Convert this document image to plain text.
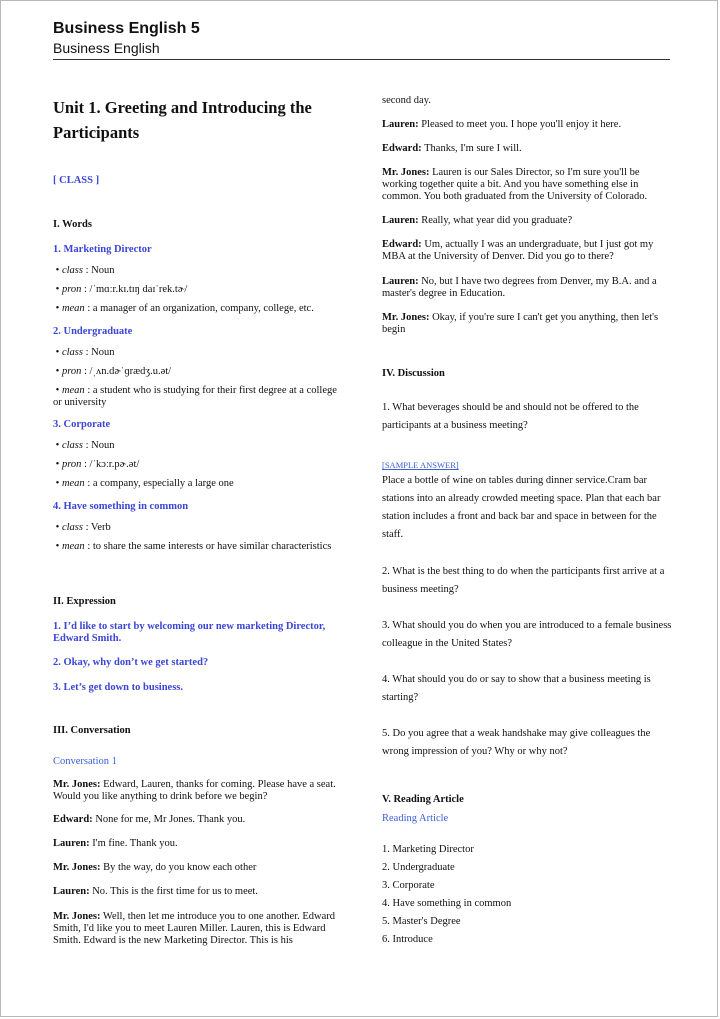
Business English 5
Business English
Unit 1. Greeting and Introducing the Participants
[ CLASS ]
I. Words
1. Marketing Director
• class : Noun
• pron : /ˈmɑːr.kɪ.tɪŋ daɪˈrek.tɚ/
• mean : a manager of an organization, company, college, etc.
2. Undergraduate
• class : Noun
• pron : /ˌʌn.dɚˈɡrædʒ.u.ət/
• mean : a student who is studying for their first degree at a college or university
3. Corporate
• class : Noun
• pron : /ˈkɔːr.pɚ.ət/
• mean : a company, especially a large one
4. Have something in common
• class : Verb
• mean : to share the same interests or have similar characteristics
II. Expression
1. I’d like to start by welcoming our new marketing Director, Edward Smith.
2. Okay, why don’t we get started?
3. Let’s get down to business.
III. Conversation
Conversation 1
Mr. Jones: Edward, Lauren, thanks for coming. Please have a seat. Would you like anything to drink before we begin?
Edward: None for me, Mr Jones. Thank you.
Lauren: I'm fine. Thank you.
Mr. Jones: By the way, do you know each other
Lauren: No. This is the first time for us to meet.
Mr. Jones: Well, then let me introduce you to one another. Edward Smith, I'd like you to meet Lauren Miller. Lauren, this is Edward Smith. Edward is the new Marketing Director. This is his
second day.
Lauren: Pleased to meet you. I hope you'll enjoy it here.
Edward: Thanks, I'm sure I will.
Mr. Jones: Lauren is our Sales Director, so I'm sure you'll be working together quite a bit. And you have something else in common. You both graduated from the University of Colorado.
Lauren: Really, what year did you graduate?
Edward: Um, actually I was an undergraduate, but I just got my MBA at the University of Denver. Did you go to there?
Lauren: No, but I have two degrees from Denver, my B.A. and a master's degree in Education.
Mr. Jones: Okay, if you're sure I can't get you anything, then let's begin
IV. Discussion
1. What beverages should be and should not be offered to the participants at a business meeting?
[SAMPLE ANSWER]
Place a bottle of wine on tables during dinner service.Cram bar stations into an already crowded meeting space. Plan that each bar station includes a front and back bar and space in between for the staff.
2. What is the best thing to do when the participants first arrive at a business meeting?
3. What should you do when you are introduced to a female business colleague in the United States?
4. What should you do or say to show that a business meeting is starting?
5. Do you agree that a weak handshake may give colleagues the wrong impression of you? Why or why not?
V. Reading Article
Reading Article
1. Marketing Director
2. Undergraduate
3. Corporate
4. Have something in common
5. Master's Degree
6. Introduce
